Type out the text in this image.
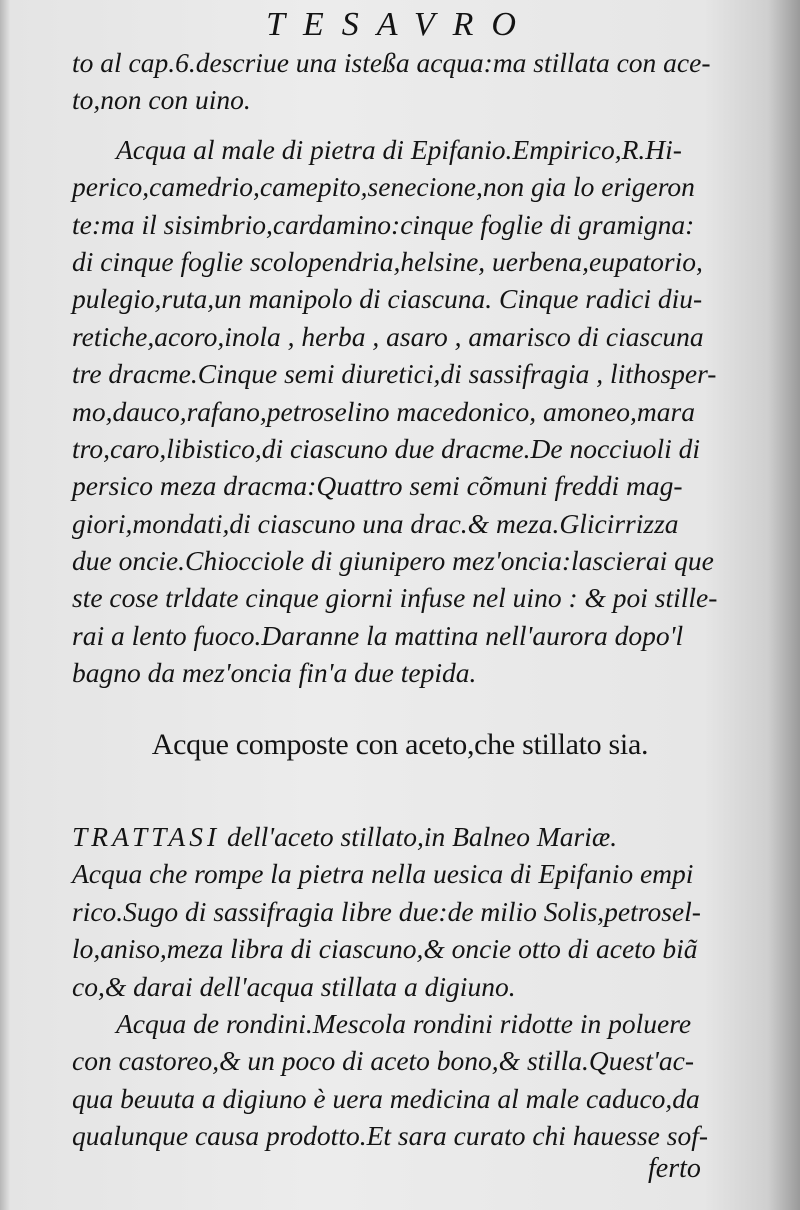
TESAVRO
to al cap.6.descriue una isteßa acqua:ma stillata con ace-
to,non con uino.
Acqua al male di pietra di Epifanio.Empirico,R.Hi-
perico,camedrio,camepito,senecione,non gia lo erigeron
te:ma il sisimbrio,cardamino:cinque foglie di gramigna:
di cinque foglie scolopendria,helsine, uerbena,eupatorio,
pulegio,ruta,un manipolo di ciascuna. Cinque radici diu-
retiche,acoro,inola , herba , asaro , amarisco di ciascuna
tre dracme.Cinque semi diuretici,di sassifragia , lithosper-
mo,dauco,rafano,petroselino macedonico, amoneo,mara
tro,caro,libistico,di ciascuno due dracme.De nocciuoli di
persico meza dracma:Quattro semi cõmuni freddi mag-
giori,mondati,di ciascuno una drac.& meza.Glicirrizza
due oncie.Chiocciole di giunipero mez'oncia:lascierai que
ste cose trldate cinque giorni infuse nel uino : & poi stille-
rai a lento fuoco.Daranne la mattina nell'aurora dopo'l
bagno da mez'oncia fin'a due tepida.
Acque composte con aceto,che stillato sia.
TRATTASI dell'aceto stillato,in Balneo Mariæ.
Acqua che rompe la pietra nella uesica di Epifanio empi
rico.Sugo di sassifragia libre due:de milio Solis,petrosel-
lo,aniso,meza libra di ciascuno,& oncie otto di aceto biã
co,& darai dell'acqua stillata a digiuno.
Acqua de rondini.Mescola rondini ridotte in poluere
con castoreo,& un poco di aceto bono,& stilla.Quest'ac-
qua beuuta a digiuno è uera medicina al male caduco,da
qualunque causa prodotto.Et sara curato chi hauesse sof-
ferto
